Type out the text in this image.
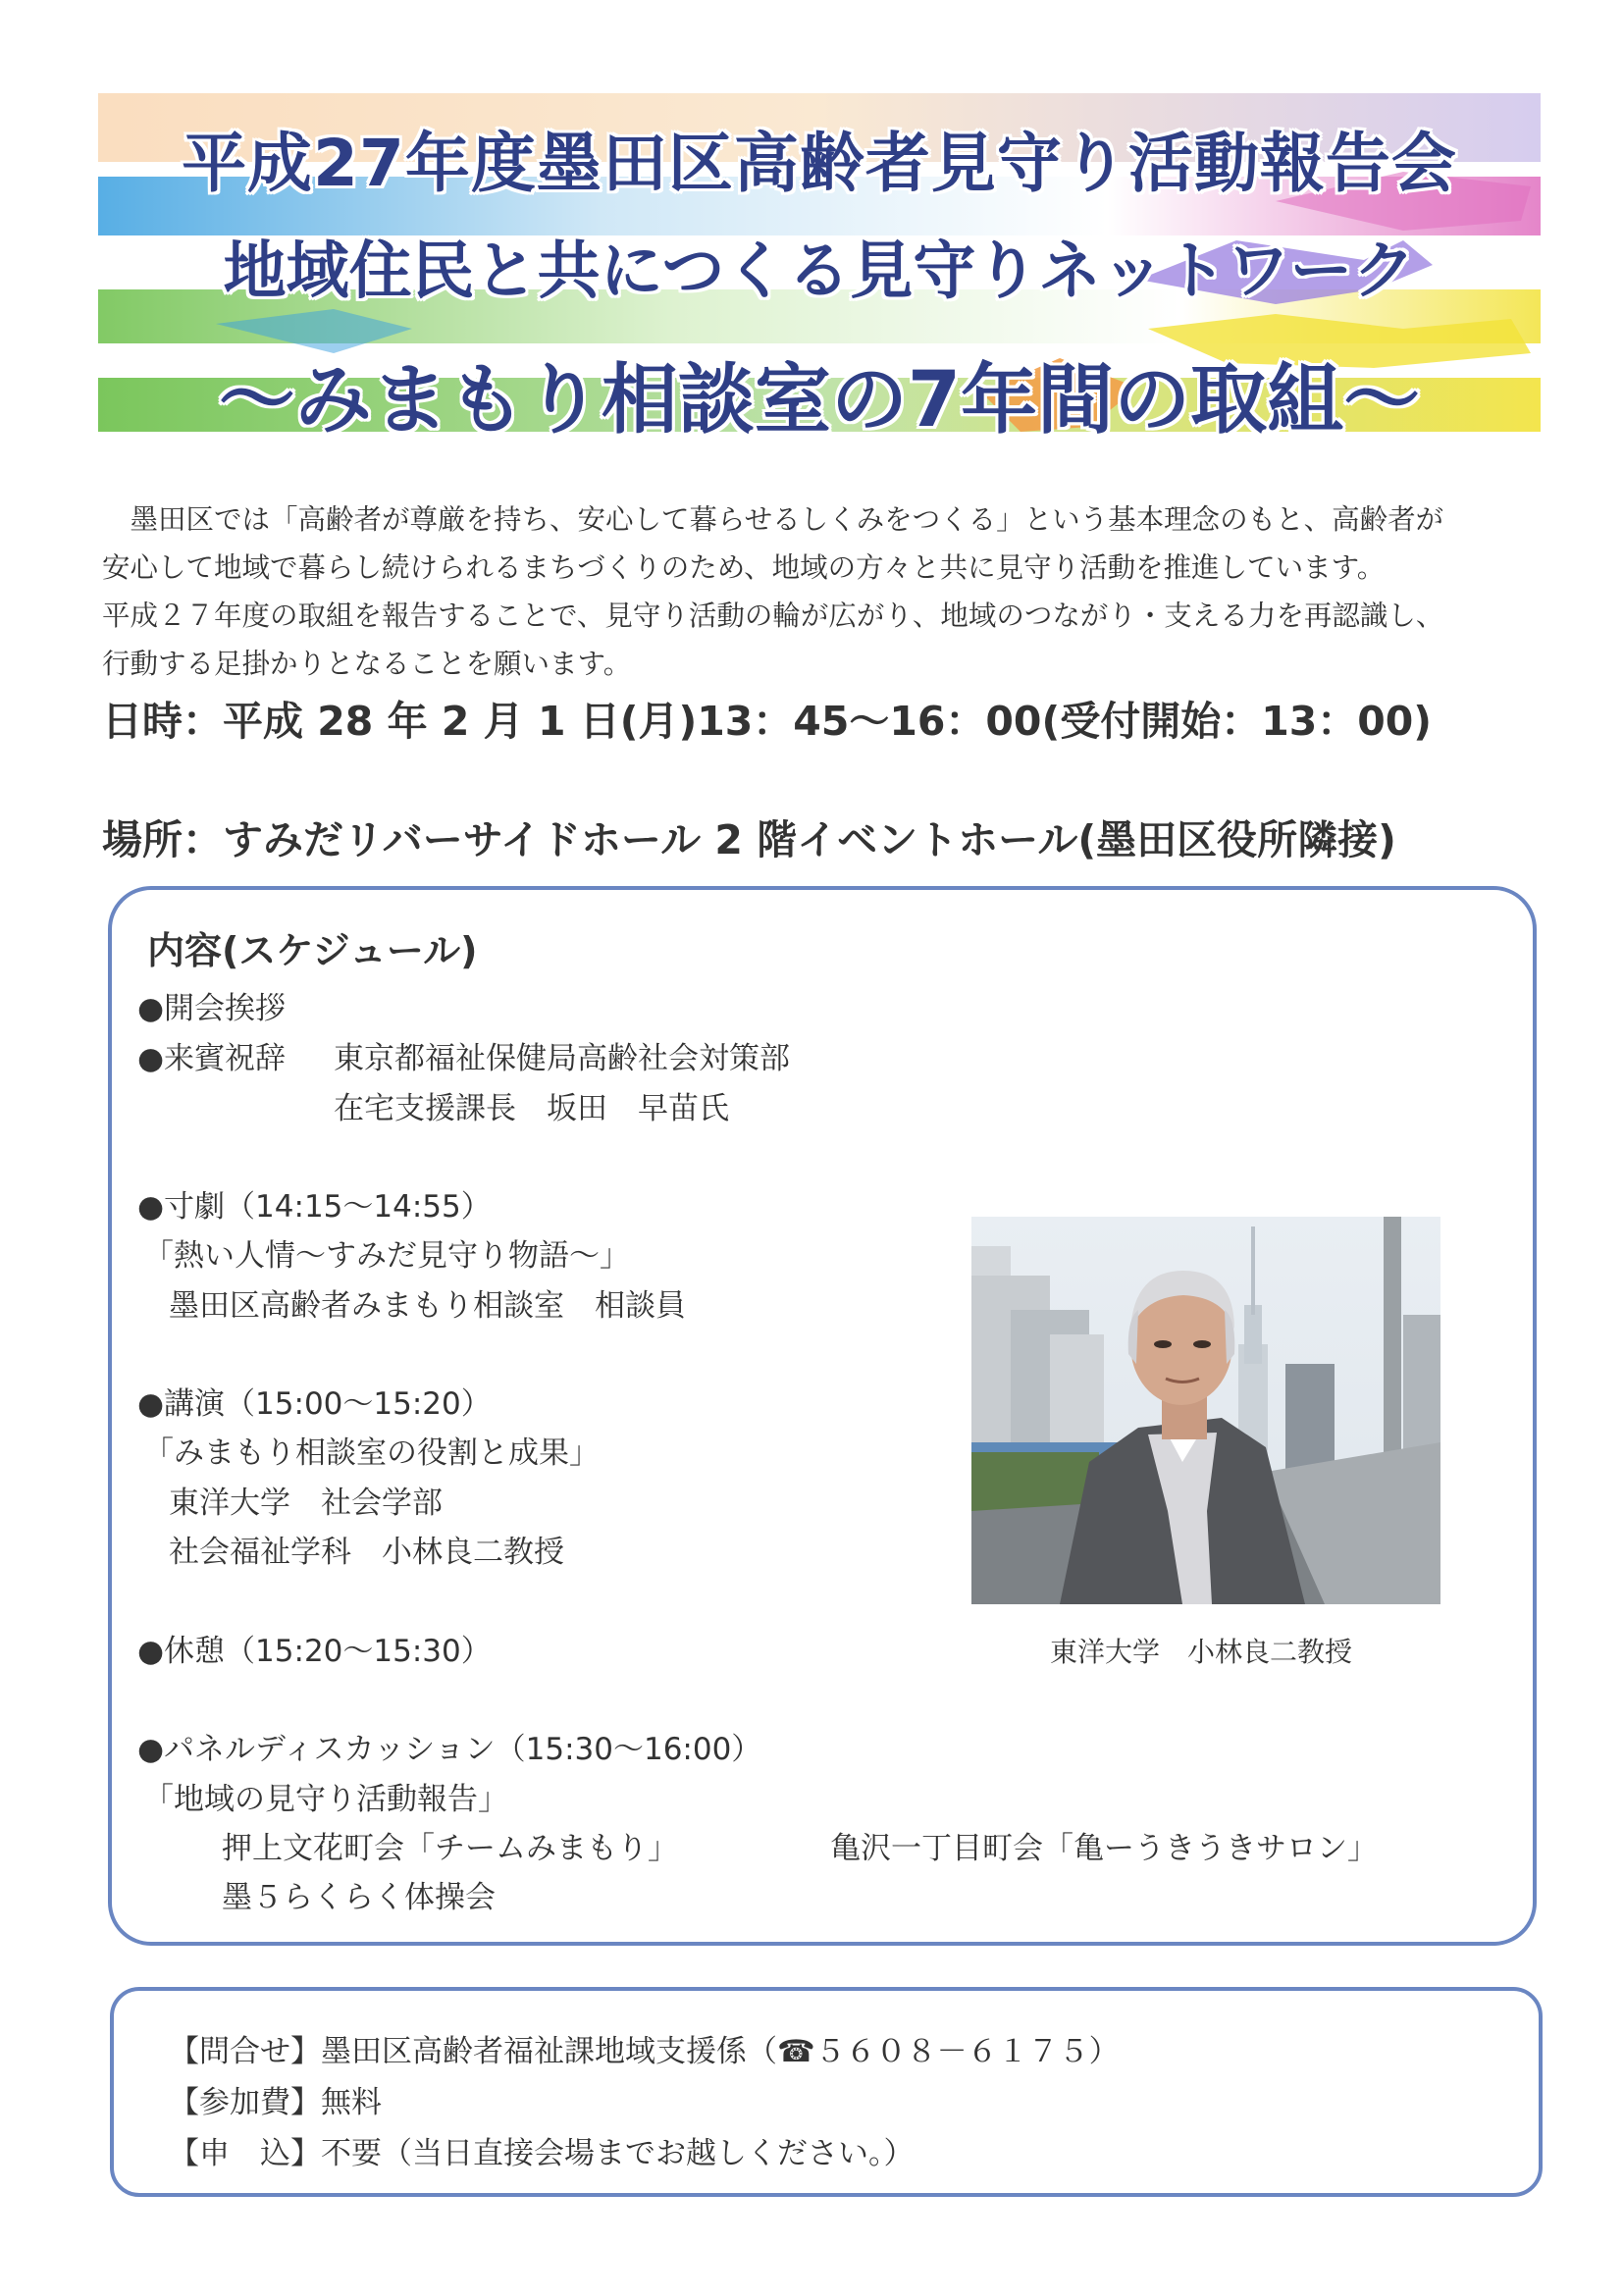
平成27年度墨田区高齢者見守り活動報告会
地域住民と共につくる見守りネットワーク
～みまもり相談室の7年間の取組～

　墨田区では「高齢者が尊厳を持ち、安心して暮らせるしくみをつくる」という基本理念のもと、高齢者が

安心して地域で暮らし続けられるまちづくりのため、地域の方々と共に見守り活動を推進しています。

平成２７年度の取組を報告することで、見守り活動の輪が広がり、地域のつながり・支える力を再認識し、

行動する足掛かりとなることを願います。

日時：平成 28 年 2 月 1 日(月)13：45～16：00(受付開始：13：00)
場所：すみだリバーサイドホール 2 階イベントホール(墨田区役所隣接)
内容(スケジュール)
●開会挨拶
●来賓祝辞 東京都福祉保健局高齢社会対策部
在宅支援課長　坂田　早苗氏
●寸劇（14:15～14:55）
「熱い人情～すみだ見守り物語～」
墨田区高齢者みまもり相談室　相談員
●講演（15:00～15:20）
「みまもり相談室の役割と成果」
東洋大学　社会学部
社会福祉学科　小林良二教授
●休憩（15:20～15:30）
●パネルディスカッション（15:30～16:00）
「地域の見守り活動報告」
押上文花町会「チームみまもり」	亀沢一丁目町会「亀ーうきうきサロン」
墨５らくらく体操会
東洋大学　小林良二教授
【問合せ】墨田区高齢者福祉課地域支援係（☎５６０８－６１７５）
【参加費】無料
【申　込】不要（当日直接会場までお越しください。）
